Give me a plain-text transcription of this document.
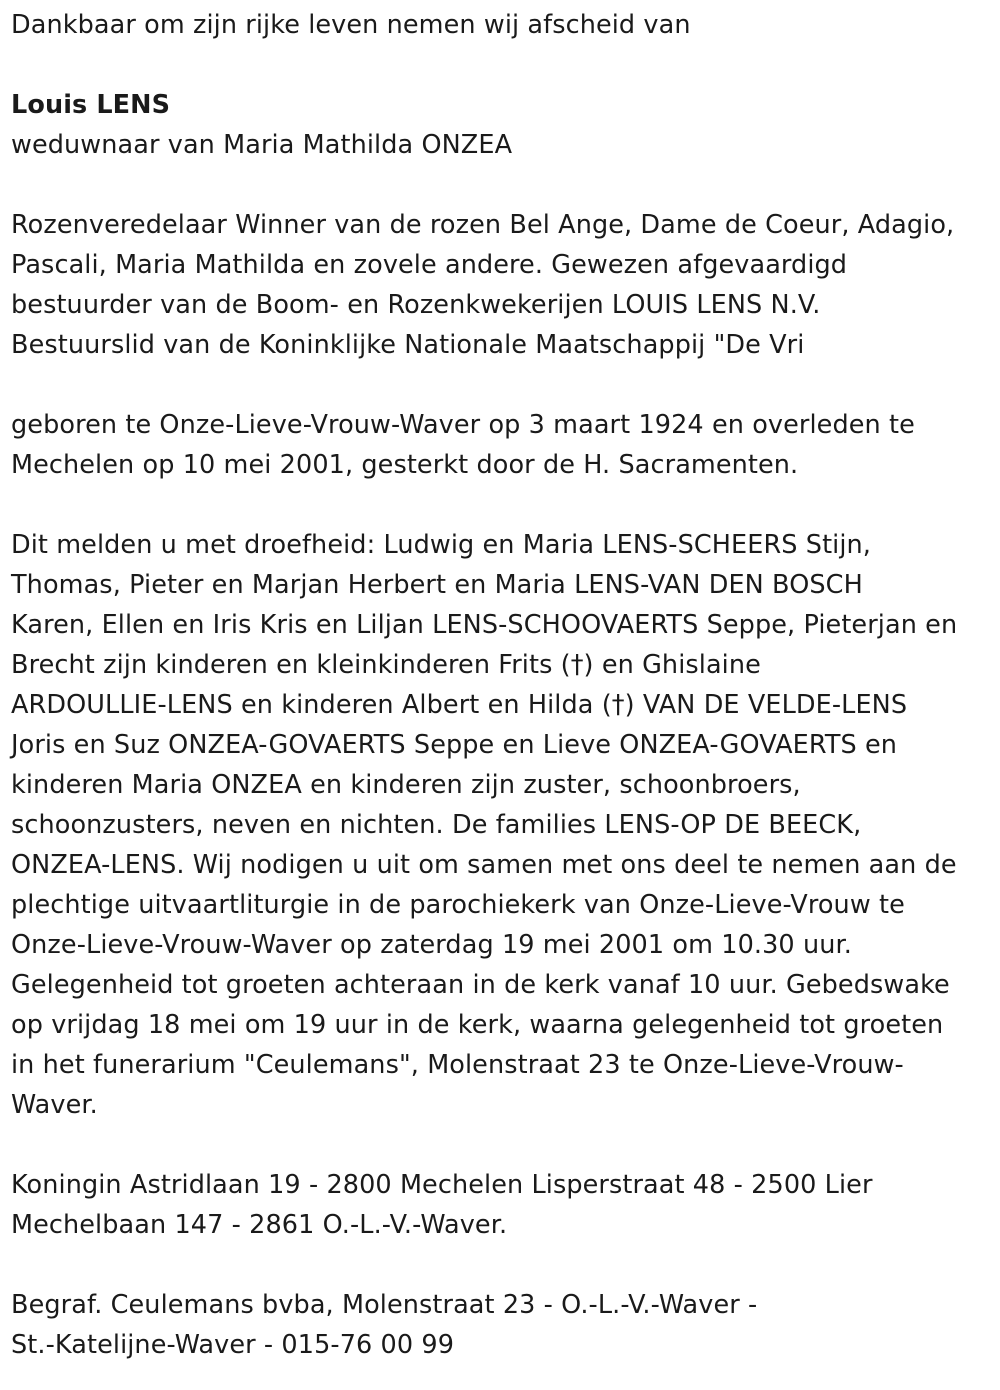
Dankbaar om zijn rijke leven nemen wij afscheid van

Louis LENS

weduwnaar van Maria Mathilda ONZEA

Rozenveredelaar Winner van de rozen Bel Ange, Dame de Coeur, Adagio,

Pascali, Maria Mathilda en zovele andere. Gewezen afgevaardigd

bestuurder van de Boom- en Rozenkwekerijen LOUIS LENS N.V.

Bestuurslid van de Koninklijke Nationale Maatschappij "De Vri

geboren te Onze-Lieve-Vrouw-Waver op 3 maart 1924 en overleden te

Mechelen op 10 mei 2001, gesterkt door de H. Sacramenten.

Dit melden u met droefheid: Ludwig en Maria LENS-SCHEERS Stijn,

Thomas, Pieter en Marjan Herbert en Maria LENS-VAN DEN BOSCH

Karen, Ellen en Iris Kris en Liljan LENS-SCHOOVAERTS Seppe, Pieterjan en

Brecht zijn kinderen en kleinkinderen Frits (†) en Ghislaine

ARDOULLIE-LENS en kinderen Albert en Hilda (†) VAN DE VELDE-LENS

Joris en Suz ONZEA-GOVAERTS Seppe en Lieve ONZEA-GOVAERTS en

kinderen Maria ONZEA en kinderen zijn zuster, schoonbroers,

schoonzusters, neven en nichten. De families LENS-OP DE BEECK,

ONZEA-LENS. Wij nodigen u uit om samen met ons deel te nemen aan de

plechtige uitvaartliturgie in de parochiekerk van Onze-Lieve-Vrouw te

Onze-Lieve-Vrouw-Waver op zaterdag 19 mei 2001 om 10.30 uur.

Gelegenheid tot groeten achteraan in de kerk vanaf 10 uur. Gebedswake

op vrijdag 18 mei om 19 uur in de kerk, waarna gelegenheid tot groeten

in het funerarium "Ceulemans", Molenstraat 23 te Onze-Lieve-Vrouw-

Waver.

Koningin Astridlaan 19 - 2800 Mechelen Lisperstraat 48 - 2500 Lier

Mechelbaan 147 - 2861 O.-L.-V.-Waver.

Begraf. Ceulemans bvba, Molenstraat 23 - O.-L.-V.-Waver -

St.-Katelijne-Waver - 015-76 00 99
